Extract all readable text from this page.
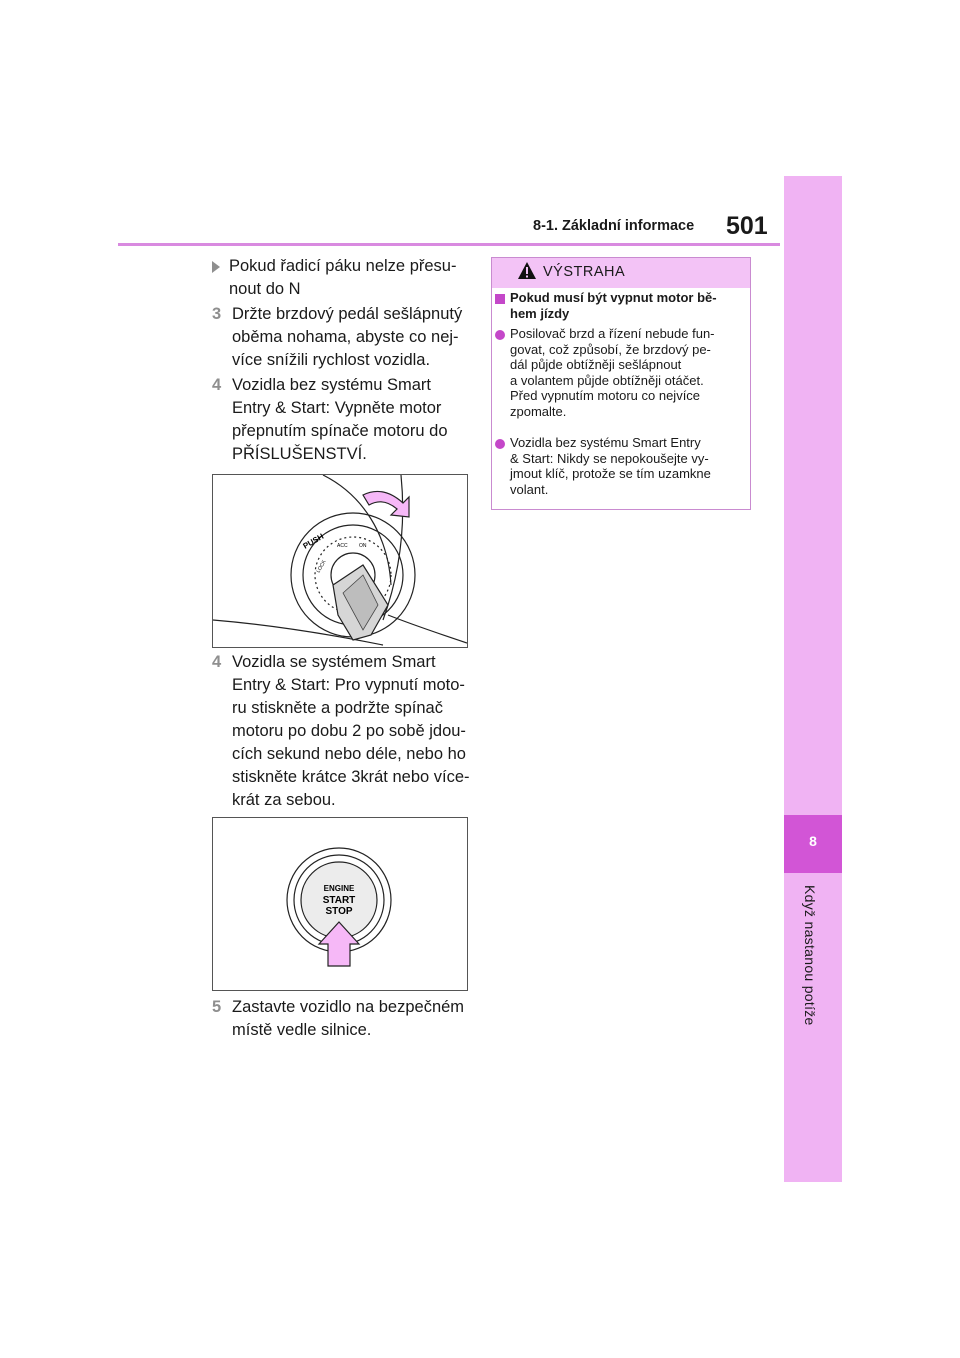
8-1. Základní informace 501
8
Když nastanou potíže
Pokud řadicí páku nelze přesu-
nout do N
3 Držte brzdový pedál sešlápnutý
oběma nohama, abyste co nej-
více snížili rychlost vozidla.
4 Vozidla bez systému Smart
Entry & Start: Vypněte motor
přepnutím spínače motoru do
PŘÍSLUŠENSTVÍ.
PUSH ACC ON
LOCK
4 Vozidla se systémem Smart
Entry & Start: Pro vypnutí moto-
ru stiskněte a podržte spínač
motoru po dobu 2 po sobě jdou-
cích sekund nebo déle, nebo ho
stiskněte krátce 3krát nebo více-
krát za sebou.
ENGINE
START
STOP
5 Zastavte vozidlo na bezpečném
místě vedle silnice.
VÝSTRAHA
Pokud musí být vypnut motor bě-
hem jízdy
Posilovač brzd a řízení nebude fun-
govat, což způsobí, že brzdový pe-
dál půjde obtížněji sešlápnout
a volantem půjde obtížněji otáčet.
Před vypnutím motoru co nejvíce
zpomalte.
Vozidla bez systému Smart Entry
& Start: Nikdy se nepokoušejte vy-
jmout klíč, protože se tím uzamkne
volant.
